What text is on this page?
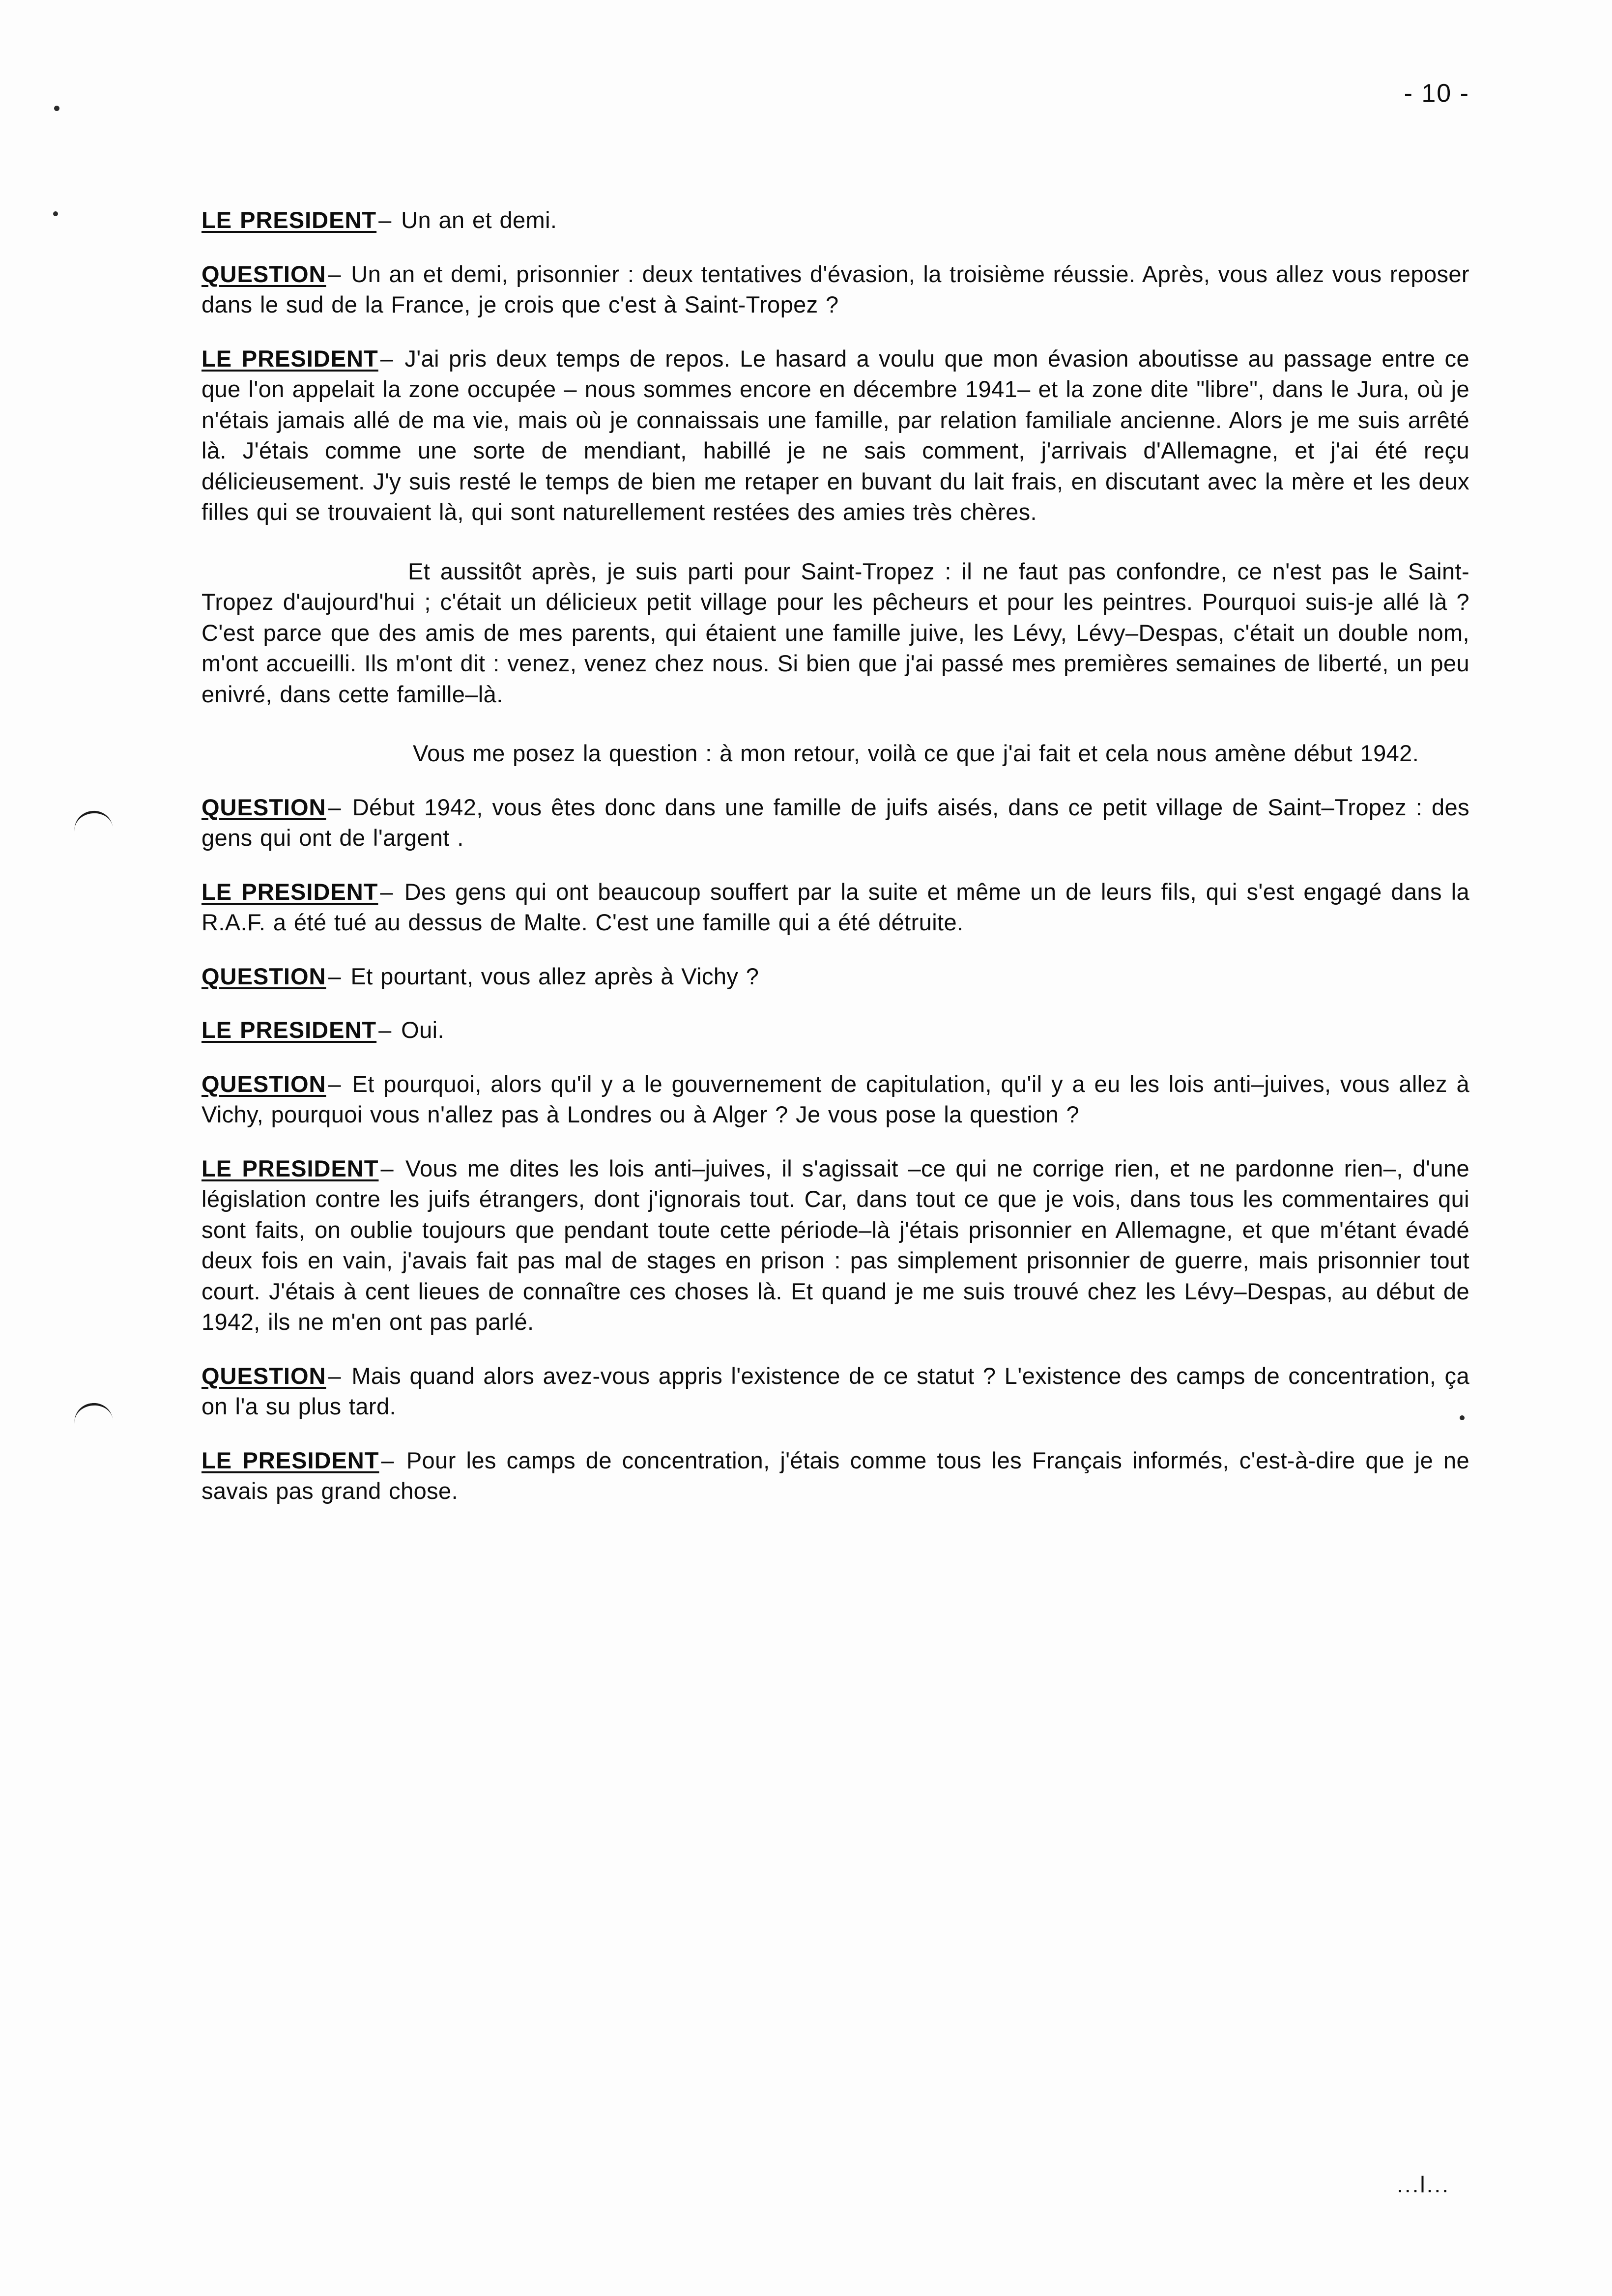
- 10 -

LE PRESIDENT– Un an et demi.

QUESTION– Un an et demi, prisonnier : deux tentatives d'évasion, la troisième réussie. Après, vous allez vous reposer dans le sud de la France, je crois que c'est à Saint-Tropez ?

LE PRESIDENT– J'ai pris deux temps de repos. Le hasard a voulu que mon évasion aboutisse au passage entre ce que l'on appelait la zone occupée – nous sommes encore en décembre 1941– et la zone dite "libre", dans le Jura, où je n'étais jamais allé de ma vie, mais où je connaissais une famille, par relation familiale ancienne. Alors je me suis arrêté là. J'étais comme une sorte de mendiant, habillé je ne sais comment, j'arrivais d'Allemagne, et j'ai été reçu délicieusement. J'y suis resté le temps de bien me retaper en buvant du lait frais, en discutant avec la mère et les deux filles qui se trouvaient là, qui sont naturellement restées des amies très chères.

Et aussitôt après, je suis parti pour Saint-Tropez : il ne faut pas confondre, ce n'est pas le Saint-Tropez d'aujourd'hui ; c'était un délicieux petit village pour les pêcheurs et pour les peintres. Pourquoi suis-je allé là ? C'est parce que des amis de mes parents, qui étaient une famille juive, les Lévy, Lévy–Despas, c'était un double nom, m'ont accueilli. Ils m'ont dit : venez, venez chez nous. Si bien que j'ai passé mes premières semaines de liberté, un peu enivré, dans cette famille–là.

Vous me posez la question : à mon retour, voilà ce que j'ai fait et cela nous amène début 1942.

QUESTION– Début 1942, vous êtes donc dans une famille de juifs aisés, dans ce petit village de Saint–Tropez : des gens qui ont de l'argent .

LE PRESIDENT– Des gens qui ont beaucoup souffert par la suite et même un de leurs fils, qui s'est engagé dans la R.A.F. a été tué au dessus de Malte. C'est une famille qui a été détruite.

QUESTION– Et pourtant, vous allez après à Vichy ?

LE PRESIDENT– Oui.

QUESTION– Et pourquoi, alors qu'il y a le gouvernement de capitulation, qu'il y a eu les lois anti–juives, vous allez à Vichy, pourquoi vous n'allez pas à Londres ou à Alger ? Je vous pose la question ?

LE PRESIDENT– Vous me dites les lois anti–juives, il s'agissait –ce qui ne corrige rien, et ne pardonne rien–, d'une législation contre les juifs étrangers, dont j'ignorais tout. Car, dans tout ce que je vois, dans tous les commentaires qui sont faits, on oublie toujours que pendant toute cette période–là j'étais prisonnier en Allemagne, et que m'étant évadé deux fois en vain, j'avais fait pas mal de stages en prison : pas simplement prisonnier de guerre, mais prisonnier tout court. J'étais à cent lieues de connaître ces choses là. Et quand je me suis trouvé chez les Lévy–Despas, au début de 1942, ils ne m'en ont pas parlé.

QUESTION– Mais quand alors avez-vous appris l'existence de ce statut ? L'existence des camps de concentration, ça on l'a su plus tard.

LE PRESIDENT– Pour les camps de concentration, j'étais comme tous les Français informés, c'est-à-dire que je ne savais pas grand chose.

...l...
